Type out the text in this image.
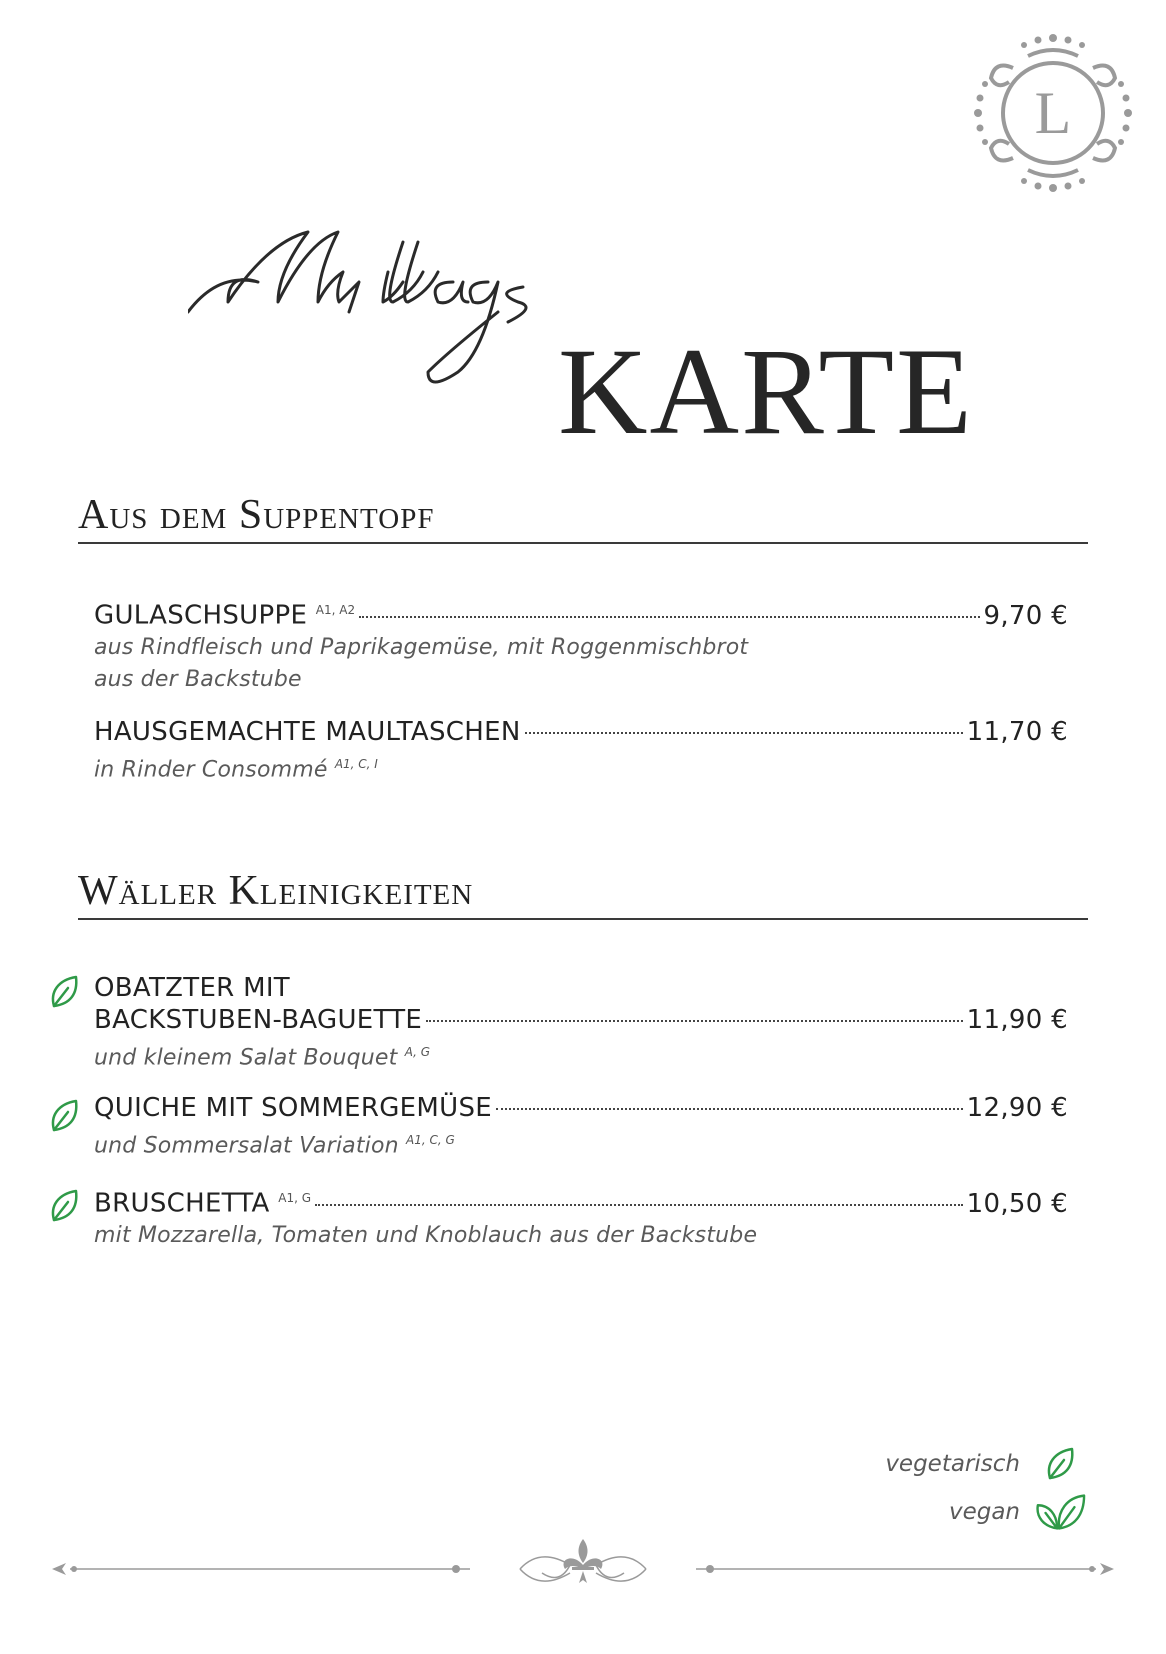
L
KARTE
Aus dem Suppentopf
GULASCHSUPPE $^{A1, A2}$	9,70 €
aus Rindfleisch und Paprikagemüse, mit Roggenmischbrot
aus der Backstube
HAUSGEMACHTE MAULTASCHEN	11,70 €
in Rinder Consommé $^{A1, C, I}$
Wäller Kleinigkeiten
OBATZTER MIT
BACKSTUBEN-BAGUETTE	11,90 €
und kleinem Salat Bouquet $^{A, G}$
QUICHE MIT SOMMERGEMÜSE	12,90 €
und Sommersalat Variation $^{A1, C, G}$
BRUSCHETTA $^{A1, G}$	10,50 €
mit Mozzarella, Tomaten und Knoblauch aus der Backstube
vegetarisch
vegan
